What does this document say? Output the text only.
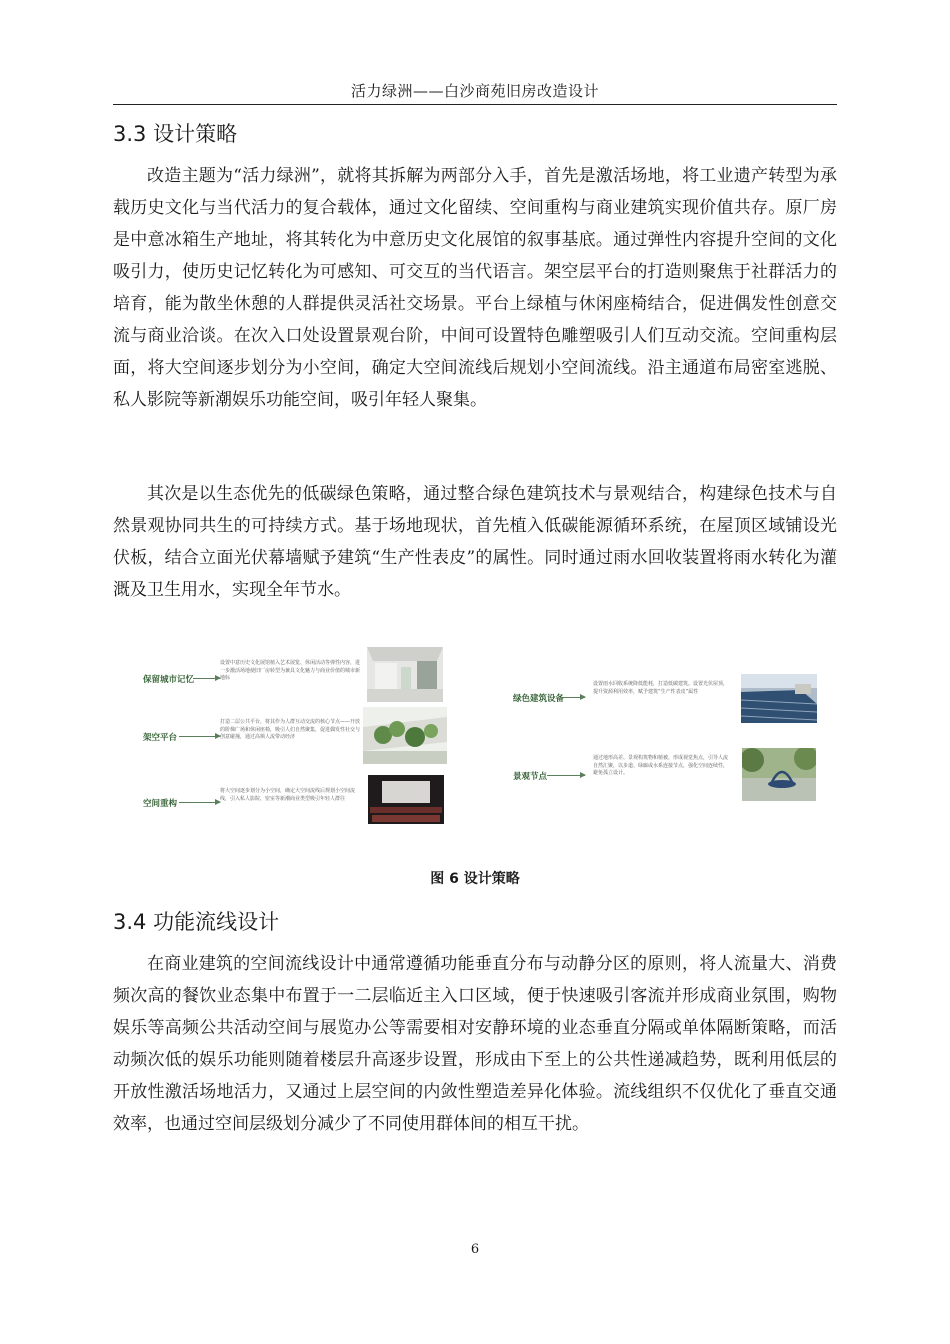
活力绿洲——白沙商苑旧房改造设计
3.3 设计策略

改造主题为“活力绿洲”，就将其拆解为两部分入手，首先是激活场地，将工业遗产转型为承载历史文化与当代活力的复合载体，通过文化留续、空间重构与商业建筑实现价值共存。原厂房是中意冰箱生产地址，将其转化为中意历史文化展馆的叙事基底。通过弹性内容提升空间的文化吸引力，使历史记忆转化为可感知、可交互的当代语言。架空层平台的打造则聚焦于社群活力的培育，能为散坐休憩的人群提供灵活社交场景。平台上绿植与休闲座椅结合，促进偶发性创意交流与商业洽谈。在次入口处设置景观台阶，中间可设置特色雕塑吸引人们互动交流。空间重构层面，将大空间逐步划分为小空间，确定大空间流线后规划小空间流线。沿主通道布局密室逃脱、私人影院等新潮娱乐功能空间，吸引年轻人聚集。

其次是以生态优先的低碳绿色策略，通过整合绿色建筑技术与景观结合，构建绿色技术与自然景观协同共生的可持续方式。基于场地现状，首先植入低碳能源循环系统，在屋顶区域铺设光伏板，结合立面光伏幕墙赋予建筑“生产性表皮”的属性。同时通过雨水回收装置将雨水转化为灌溉及卫生用水，实现全年节水。

保留城市记忆
设置中意历史文化展馆植入艺术展览、休闲活动等弹性内容，进一步激活场地使旧厂房转型为兼具文化魅力与商业价值的城市新地标
架空平台
打造二层公共平台，将其作为人群互动交流的核心节点——开放的阶梯广场和休闲座椅，吸引人们自然聚集，促进偶发性社交与创意碰撞，通过高频人流带动经济
空间重构
将大空间逐步划分为小空间，确定大空间流线后规划小空间流线，引入私人影院、密室等新潮商业类型吸引年轻人群往
绿色建筑设备
设置雨水回收系统降低能耗，打造低碳建筑。设置光伏屋顶，提升资源利用效率，赋予建筑“生产性表皮”属性
景观节点
通过地形高差、景观构筑物和植被，形成视觉焦点，引导人流自然汇聚，以步道、绿廊或水系连接节点，强化空间连续性，避免孤立设计。
图 6 设计策略
3.4 功能流线设计

在商业建筑的空间流线设计中通常遵循功能垂直分布与动静分区的原则，将人流量大、消费频次高的餐饮业态集中布置于一二层临近主入口区域，便于快速吸引客流并形成商业氛围，购物娱乐等高频公共活动空间与展览办公等需要相对安静环境的业态垂直分隔或单体隔断策略，而活动频次低的娱乐功能则随着楼层升高逐步设置，形成由下至上的公共性递减趋势，既利用低层的开放性激活场地活力，又通过上层空间的内敛性塑造差异化体验。流线组织不仅优化了垂直交通效率，也通过空间层级划分减少了不同使用群体间的相互干扰。

6
